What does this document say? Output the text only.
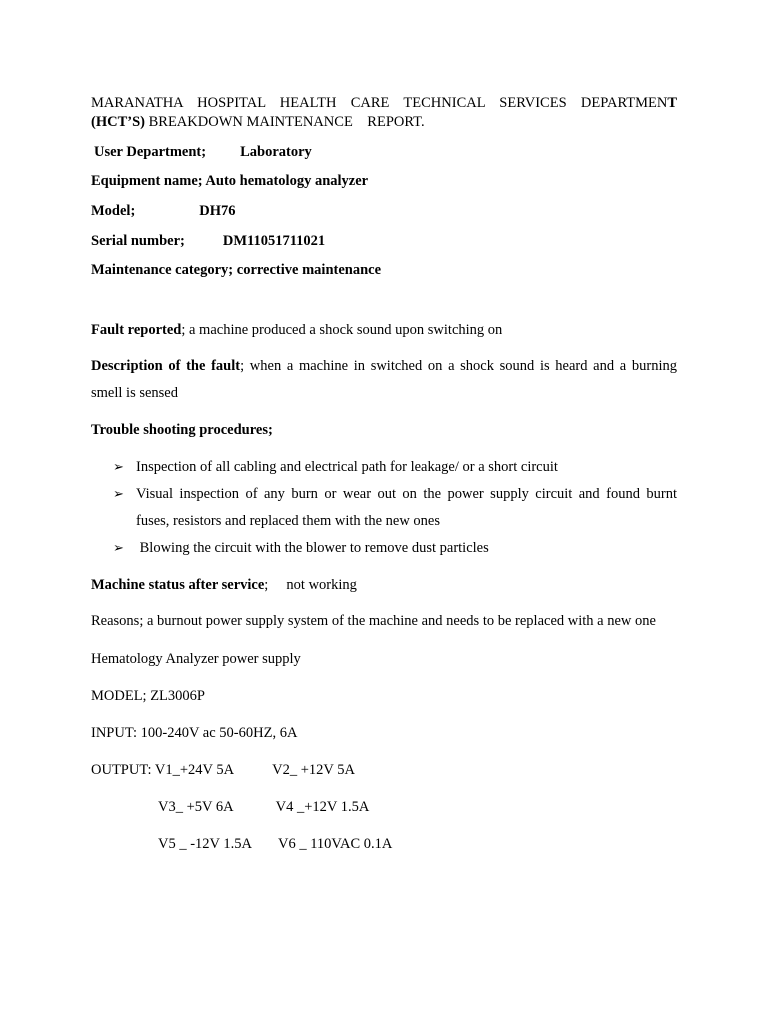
MARANATHA HOSPITAL HEALTH CARE TECHNICAL SERVICES DEPARTMENT
(HCT’S) BREAKDOWN MAINTENANCE    REPORT.
User Department; Laboratory
Equipment name; Auto hematology analyzer
Model;	DH76
Serial number;	DM11051711021
Maintenance category; corrective maintenance
Fault reported; a machine produced a shock sound upon switching on
Description of the fault; when a machine in switched on a shock sound is heard and a burning
smell is sensed
Trouble shooting procedures;
➢ Inspection of all cabling and electrical path for leakage/ or a short circuit
➢ Visual inspection of any burn or wear out on the power supply circuit and found burnt
fuses, resistors and replaced them with the new ones
➢ Blowing the circuit with the blower to remove dust particles
Machine status after service;     not working
Reasons; a burnout power supply system of the machine and needs to be replaced with a new one
Hematology Analyzer power supply
MODEL; ZL3006P
INPUT: 100-240V ac 50-60HZ, 6A
OUTPUT: V1_+24V 5A	V2_ +12V 5A
V3_ +5V 6A	V4 _+12V 1.5A
V5 _ -12V 1.5A V6 _ 110VAC 0.1A
